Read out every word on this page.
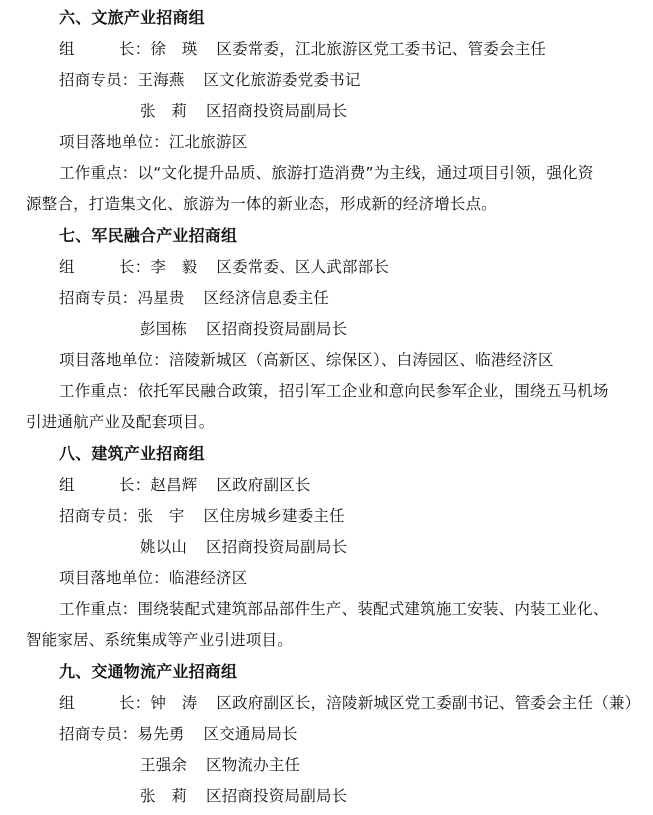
六、文旅产业招商组
组	长：徐　瑛 区委常委，江北旅游区党工委书记、管委会主任
招商专员：王海燕 区文化旅游委党委书记
张　莉 区招商投资局副局长
项目落地单位：江北旅游区
工作重点：以“文化提升品质、旅游打造消费”为主线，通过项目引领，强化资
源整合，打造集文化、旅游为一体的新业态，形成新的经济增长点。
七、军民融合产业招商组
组	长：李　毅 区委常委、区人武部部长
招商专员：冯星贵 区经济信息委主任
彭国栋 区招商投资局副局长
项目落地单位：涪陵新城区（高新区、综保区）、白涛园区、临港经济区
工作重点：依托军民融合政策，招引军工企业和意向民参军企业，围绕五马机场
引进通航产业及配套项目。
八、建筑产业招商组
组	长：赵昌辉 区政府副区长
招商专员：张　宇 区住房城乡建委主任
姚以山 区招商投资局副局长
项目落地单位：临港经济区
工作重点：围绕装配式建筑部品部件生产、装配式建筑施工安装、内装工业化、
智能家居、系统集成等产业引进项目。
九、交通物流产业招商组
组	长：钟　涛 区政府副区长，涪陵新城区党工委副书记、管委会主任（兼）
招商专员：易先勇 区交通局局长
王强余 区物流办主任
张　莉 区招商投资局副局长
